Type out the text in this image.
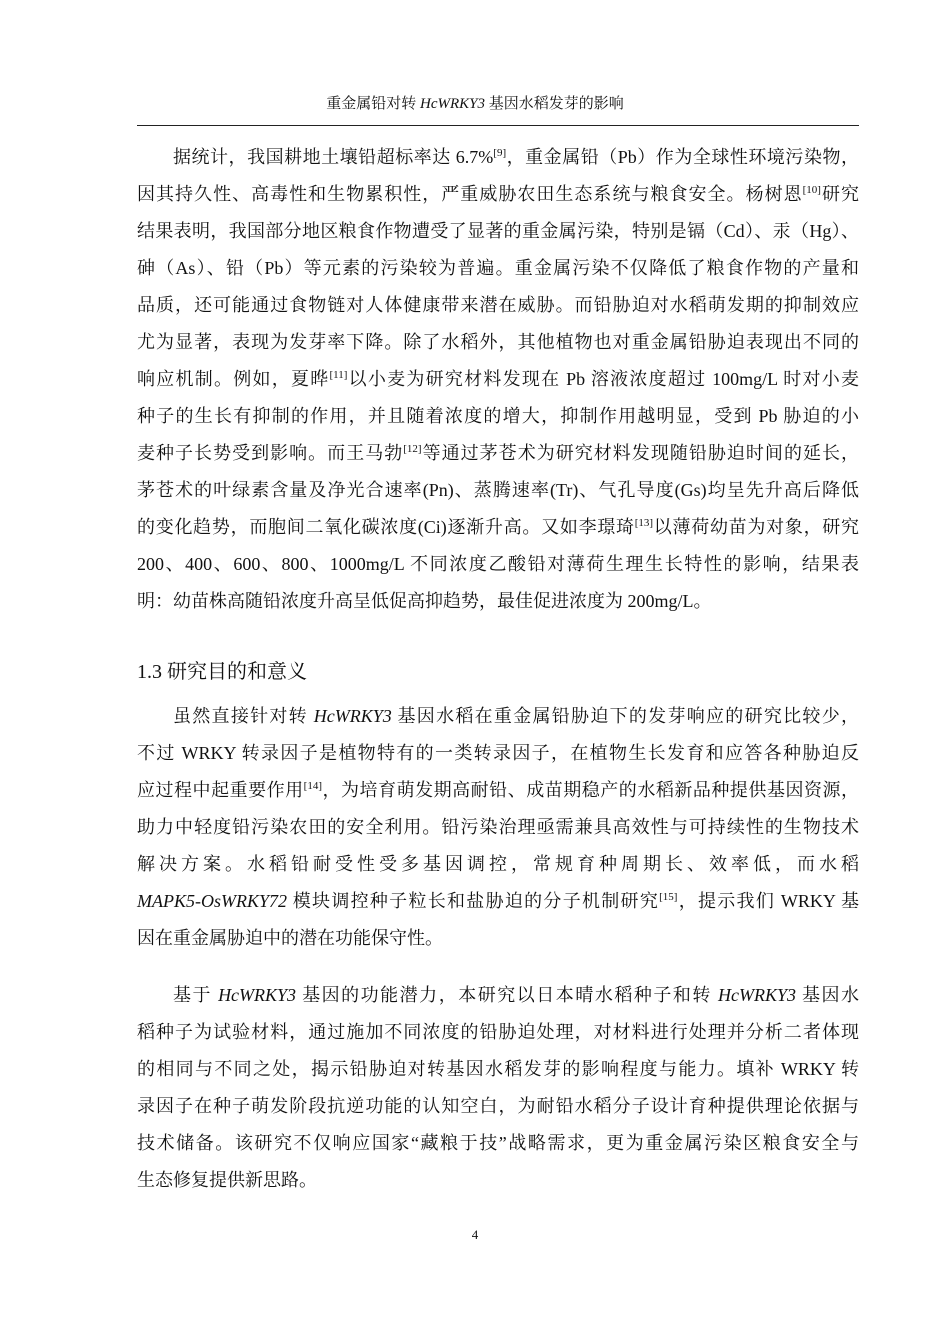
重金属铅对转 HcWRKY3 基因水稻发芽的影响
据统计，我国耕地土壤铅超标率达 6.7%[9]，重金属铅（Pb）作为全球性环境污染物，
因其持久性、高毒性和生物累积性，严重威胁农田生态系统与粮食安全。杨树恩[10]研究
结果表明，我国部分地区粮食作物遭受了显著的重金属污染，特别是镉（Cd）、汞（Hg）、
砷（As）、铅（Pb）等元素的污染较为普遍。重金属污染不仅降低了粮食作物的产量和
品质，还可能通过食物链对人体健康带来潜在威胁。而铅胁迫对水稻萌发期的抑制效应
尤为显著，表现为发芽率下降。除了水稻外，其他植物也对重金属铅胁迫表现出不同的
响应机制。例如，夏晔[11]以小麦为研究材料发现在 Pb 溶液浓度超过 100mg/L 时对小麦
种子的生长有抑制的作用，并且随着浓度的增大，抑制作用越明显，受到 Pb 胁迫的小
麦种子长势受到影响。而王马勃[12]等通过茅苍术为研究材料发现随铅胁迫时间的延长，
茅苍术的叶绿素含量及净光合速率(Pn)、蒸腾速率(Tr)、气孔导度(Gs)均呈先升高后降低
的变化趋势，而胞间二氧化碳浓度(Ci)逐渐升高。又如李璟琦[13]以薄荷幼苗为对象，研究
200、400、600、800、1000mg/L 不同浓度乙酸铅对薄荷生理生长特性的影响，结果表
明：幼苗株高随铅浓度升高呈低促高抑趋势，最佳促进浓度为 200mg/L。
虽然直接针对转 HcWRKY3 基因水稻在重金属铅胁迫下的发芽响应的研究比较少，
不过 WRKY 转录因子是植物特有的一类转录因子，在植物生长发育和应答各种胁迫反
应过程中起重要作用[14]，为培育萌发期高耐铅、成苗期稳产的水稻新品种提供基因资源，
助力中轻度铅污染农田的安全利用。铅污染治理亟需兼具高效性与可持续性的生物技术
解决方案。水稻铅耐受性受多基因调控，常规育种周期长、效率低，而水稻
MAPK5-OsWRKY72 模块调控种子粒长和盐胁迫的分子机制研究[15]，提示我们 WRKY 基
因在重金属胁迫中的潜在功能保守性。
基于 HcWRKY3 基因的功能潜力，本研究以日本晴水稻种子和转 HcWRKY3 基因水
稻种子为试验材料，通过施加不同浓度的铅胁迫处理，对材料进行处理并分析二者体现
的相同与不同之处，揭示铅胁迫对转基因水稻发芽的影响程度与能力。填补 WRKY 转
录因子在种子萌发阶段抗逆功能的认知空白，为耐铅水稻分子设计育种提供理论依据与
技术储备。该研究不仅响应国家“藏粮于技”战略需求，更为重金属污染区粮食安全与
生态修复提供新思路。
1.3 研究目的和意义
4
